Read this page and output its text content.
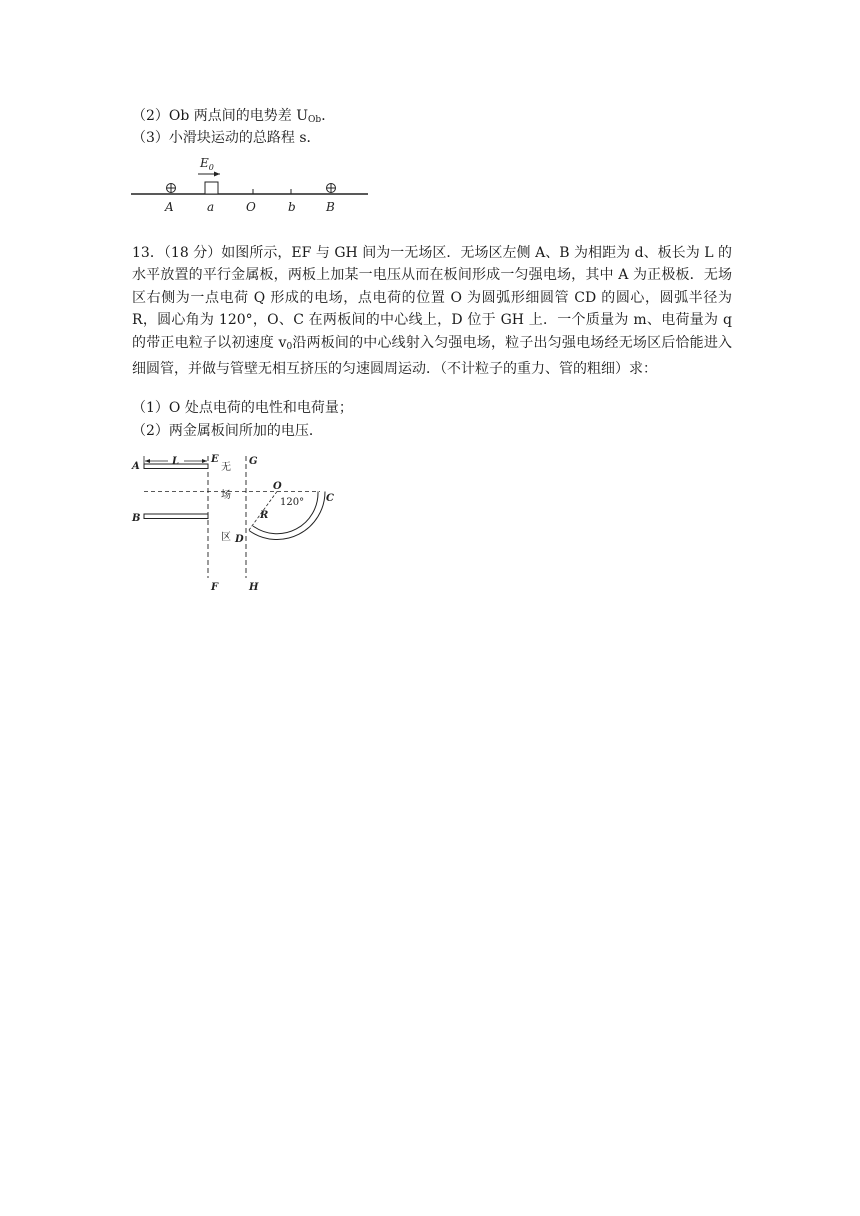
（2）Ob 两点间的电势差 $U_{Ob}$．
（3）小滑块运动的总路程 s．
$E_0$
A	a	O	b	B
13．（18 分）如图所示，EF 与 GH 间为一无场区．无场区左侧 A、B 为相距为 d、板长为 L 的水平放置的平行金属板，两板上加某一电压从而在板间形成一匀强电场，其中 A 为正极板．无场区右侧为一点电荷 Q 形成的电场，点电荷的位置 O 为圆弧形细圆管 CD 的圆心，圆弧半径为 R，圆心角为 120°，O、C 在两板间的中心线上，D 位于 GH 上．一个质量为 m、电荷量为 q 的带正电粒子以初速度 $v_0$沿两板间的中心线射入匀强电场，粒子出匀强电场经无场区后恰能进入细圆管，并做与管壁无相互挤压的匀速圆周运动．（不计粒子的重力、管的粗细）求：
（1）O 处点电荷的电性和电荷量；
（2）两金属板间所加的电压．
A
B
L	E
F
G
H
无
场
区
O
120° C
D
R
